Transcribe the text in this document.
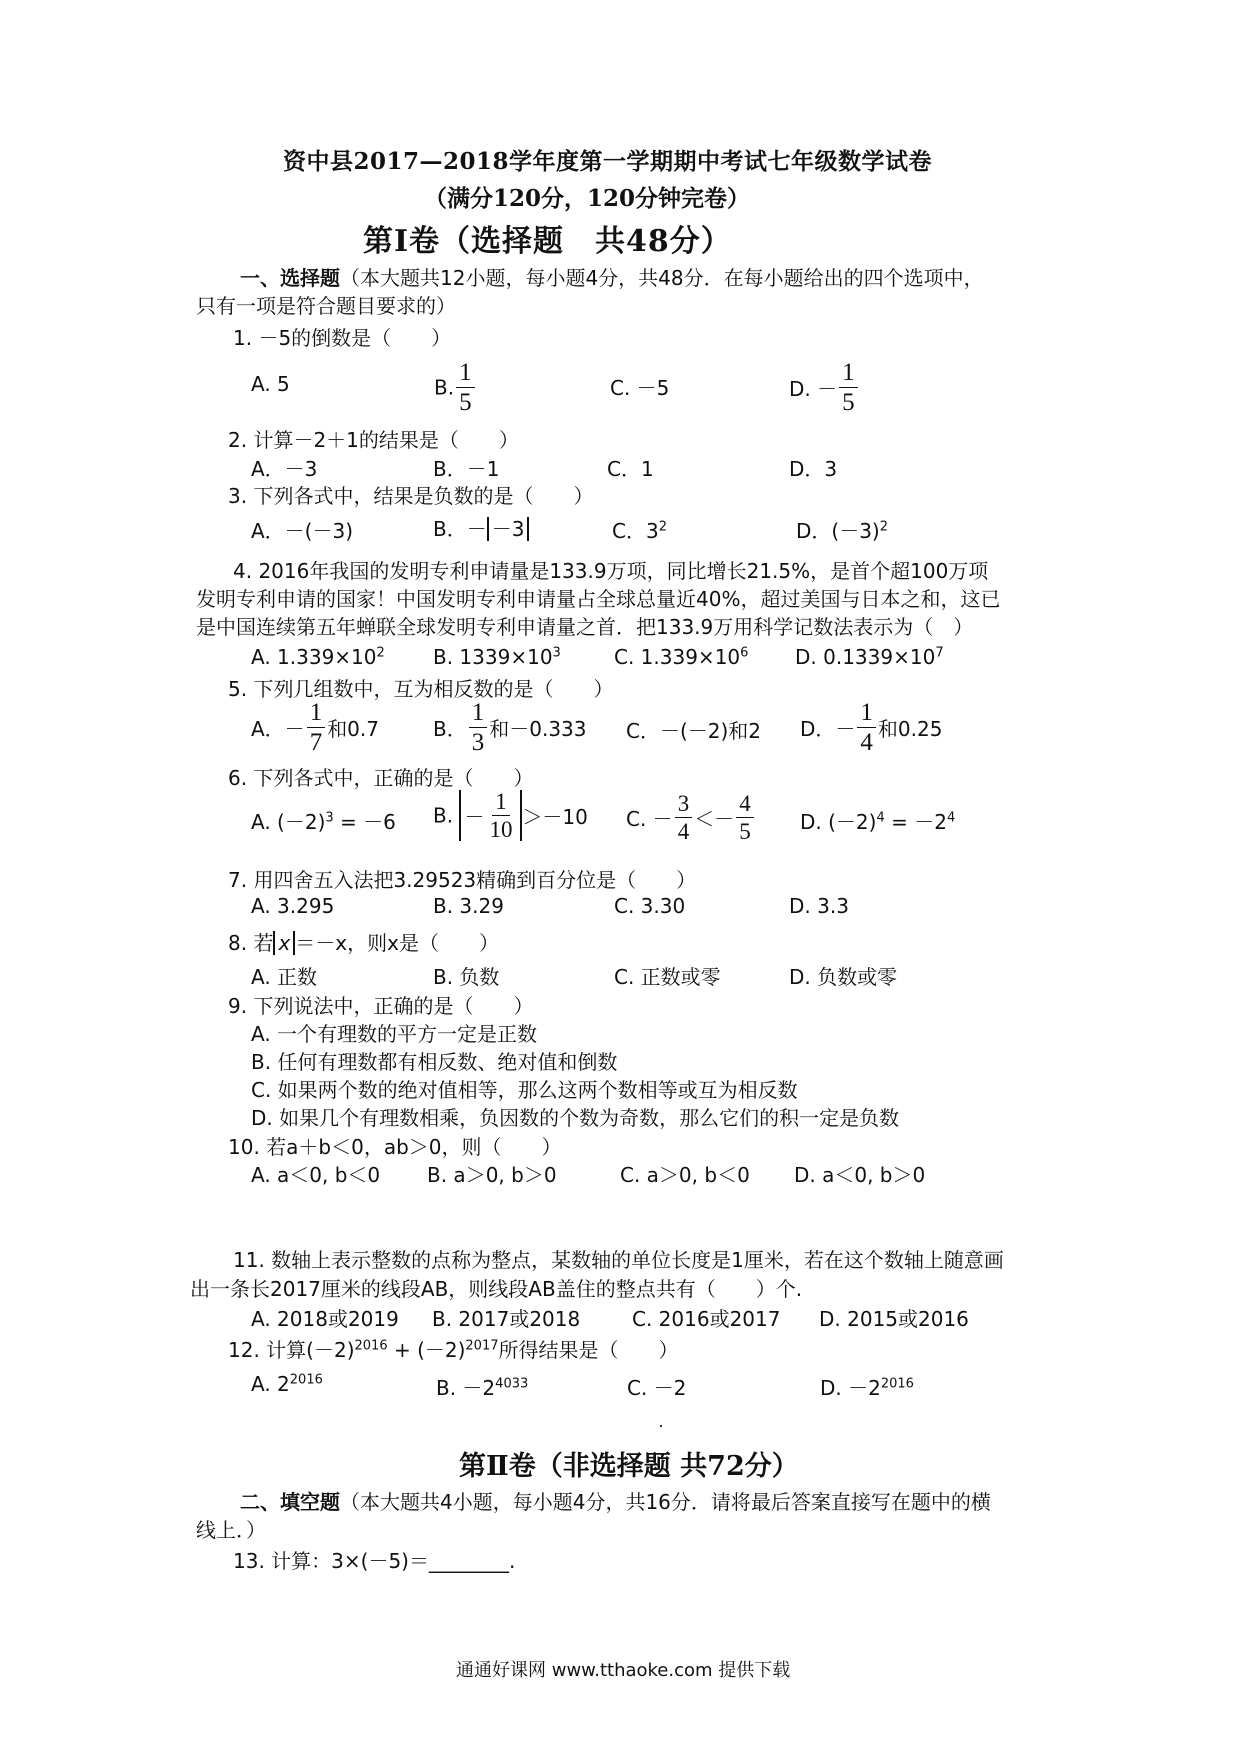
资中县2017—2018学年度第一学期期中考试七年级数学试卷
（满分120分，120分钟完卷）
第Ⅰ卷（选择题　共48分）
一、选择题（本大题共12小题，每小题4分，共48分．在每小题给出的四个选项中，
只有一项是符合题目要求的）
1. －5的倒数是（　　）
A. 5	B. $\frac{1}{5}$	C. －5	D. － $\frac{1}{5}$
2. 计算－2＋1的结果是（　　）
A．－3	B．－1	C．1	D．3
3. 下列各式中，结果是负数的是（　　）
A．－(－3)	B．－ －3	C．$3^2$	D．$(-3)^2$
4. 2016年我国的发明专利申请量是133.9万项，同比增长21.5%，是首个超100万项
发明专利申请的国家！中国发明专利申请量占全球总量近40%，超过美国与日本之和，这已
是中国连续第五年蝉联全球发明专利申请量之首．把133.9万用科学记数法表示为（　）
A. $1.339\times 10^2$ B. $1339\times 10^3$	C. $1.339\times 10^6$ D. $0.1339\times 10^7$
5. 下列几组数中，互为相反数的是（　　）
A．－ $\frac{1}{7}$ 和0.7	B． $\frac{1}{3}$ 和－0.333 C．－(－2)和2 D．－ $\frac{1}{4}$ 和0.25
6. 下列各式中，正确的是（　　）
A. $(-2)^3 = -6$ B. － $\frac{1}{10} >-10$ C. － $\frac{3}{4} <- \frac{4}{5} D$. $(-2)^4 = -2^4$
7. 用四舍五入法把3.29523精确到百分位是（　　）
A. 3.295	B. 3.29	C. 3.30	D. 3.3
8. 若 x ＝－x，则x是（　　）
A. 正数	B. 负数	C. 正数或零	D. 负数或零
9. 下列说法中，正确的是（　　）
A. 一个有理数的平方一定是正数
B. 任何有理数都有相反数、绝对值和倒数
C. 如果两个数的绝对值相等，那么这两个数相等或互为相反数
D. 如果几个有理数相乘，负因数的个数为奇数，那么它们的积一定是负数
10. 若a＋b＜0，ab＞0，则（　　）
A. a＜0, b＜0 B. a＞0, b＞0	C. a＞0, b＜0 D. a＜0, b＞0
11. 数轴上表示整数的点称为整点，某数轴的单位长度是1厘米，若在这个数轴上随意画
出一条长2017厘米的线段AB，则线段AB盖住的整点共有（　　）个.
A. 2018或2019 B. 2017或2018	C. 2016或2017 D. 2015或2016
12. 计算$(-2)^{2016} + (-2)^{2017}$所得结果是（　　）
A. $2^{2016}$	B. $-2^{4033}$	C. －2	D. $-2^{2016}$
第Ⅱ卷（非选择题 共72分）
二、填空题（本大题共4小题，每小题4分，共16分．请将最后答案直接写在题中的横
线上．）
13. 计算：3×(－5)＝________.
通通好课网 www.tthaoke.com 提供下载
